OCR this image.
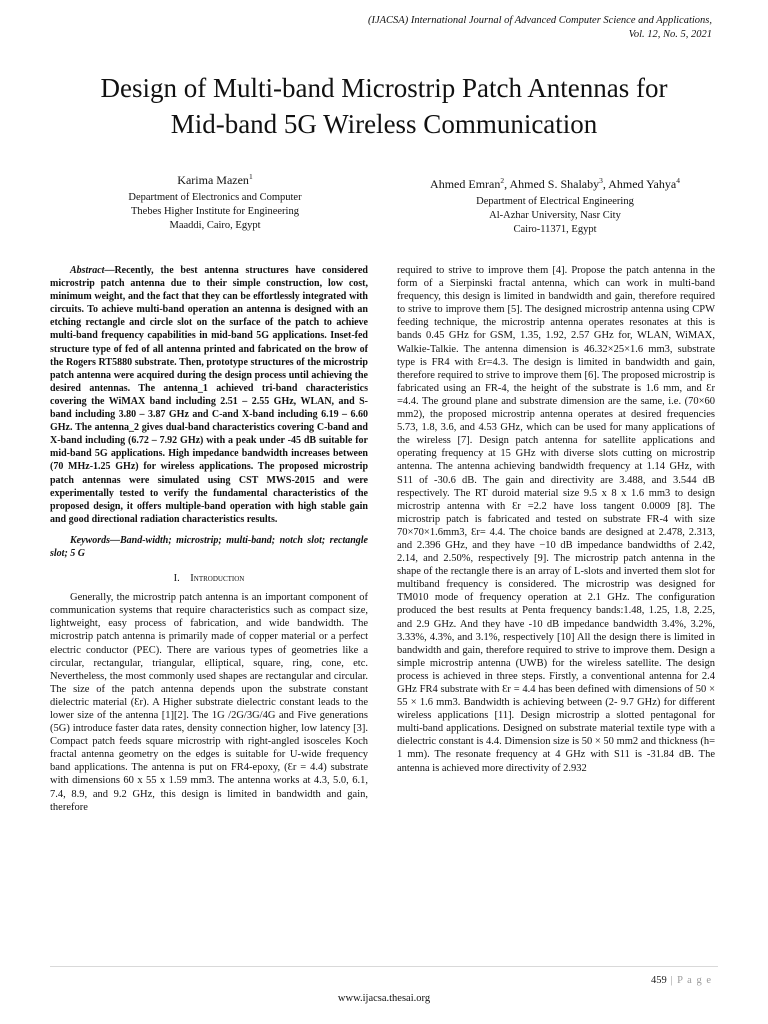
(IJACSA) International Journal of Advanced Computer Science and Applications,
Vol. 12, No. 5, 2021
Design of Multi-band Microstrip Patch Antennas for
Mid-band 5G Wireless Communication
Karima Mazen$^1$
Department of Electronics and Computer
Thebes Higher Institute for Engineering
Maaddi, Cairo, Egypt
Ahmed Emran$^2$, Ahmed S. Shalaby$^3$, Ahmed Yahya$^4$
Department of Electrical Engineering
Al-Azhar University, Nasr City
Cairo-11371, Egypt

Abstract—Recently, the best antenna structures have considered microstrip patch antenna due to their simple construction, low cost, minimum weight, and the fact that they can be effortlessly integrated with circuits. To achieve multi-band operation an antenna is designed with an etching rectangle and circle slot on the surface of the patch to achieve multi-band frequency capabilities in mid-band 5G applications. Inset-fed structure type of fed of all antenna printed and fabricated on the brow of the Rogers RT5880 substrate. Then, prototype structures of the microstrip patch antenna were acquired during the design process until achieving the desired antennas. The antenna_1 achieved tri-band characteristics covering the WiMAX band including 2.51 – 2.55 GHz, WLAN, and S-band including 3.80 – 3.87 GHz and C-and X-band including 6.19 – 6.60 GHz. The antenna_2 gives dual-band characteristics covering C-band and X-band including (6.72 – 7.92 GHz) with a peak under -45 dB suitable for mid-band 5G applications. High impedance bandwidth increases between (70 MHz-1.25 GHz) for wireless applications. The proposed microstrip patch antennas were simulated using CST MWS-2015 and were experimentally tested to verify the fundamental characteristics of the proposed design, it offers multiple-band operation with high stable gain and good directional radiation characteristics results.

Keywords—Band-width; microstrip; multi-band; notch slot; rectangle slot; 5 G

I. Introduction

Generally, the microstrip patch antenna is an important component of communication systems that require characteristics such as compact size, lightweight, easy process of fabrication, and wide bandwidth. The microstrip patch antenna is primarily made of copper material or a perfect electric conductor (PEC). There are various types of geometries like a circular, rectangular, triangular, elliptical, square, ring, cone, etc. Nevertheless, the most commonly used shapes are rectangular and circular. The size of the patch antenna depends upon the substrate constant dielectric material (Ɛr). A Higher substrate dielectric constant leads to the lower size of the antenna [1][2]. The 1G /2G/3G/4G and Five generations (5G) introduce faster data rates, density connection higher, low latency [3]. Compact patch feeds square microstrip with right-angled isosceles Koch fractal antenna geometry on the edges is suitable for U-wide frequency band applications. The antenna is put on FR4-epoxy, (Ɛr = 4.4) substrate with dimensions 60 x 55 x 1.59 mm3. The antenna works at 4.3, 5.0, 6.1, 7.4, 8.9, and 9.2 GHz, this design is limited in bandwidth and gain, therefore

required to strive to improve them [4]. Propose the patch antenna in the form of a Sierpinski fractal antenna, which can work in multi-band frequency, this design is limited in bandwidth and gain, therefore required to strive to improve them [5]. The designed microstrip antenna using CPW feeding technique, the microstrip antenna operates resonates at this is bands 0.45 GHz for GSM, 1.35, 1.92, 2.57 GHz for, WLAN, WiMAX, Walkie-Talkie. The antenna dimension is 46.32×25×1.6 mm3, substrate type is FR4 with Ɛr=4.3. The design is limited in bandwidth and gain, therefore required to strive to improve them [6]. The proposed microstrip is fabricated using an FR-4, the height of the substrate is 1.6 mm, and Ɛr =4.4. The ground plane and substrate dimension are the same, i.e. (70×60 mm2), the proposed microstrip antenna operates at desired frequencies 5.73, 1.8, 3.6, and 4.53 GHz, which can be used for many applications of the wireless [7]. Design patch antenna for satellite applications and operating frequency at 15 GHz with diverse slots cutting on microstrip antenna. The antenna achieving bandwidth frequency at 1.14 GHz, with S11 of -30.6 dB. The gain and directivity are 3.488, and 3.544 dB respectively. The RT duroid material size 9.5 x 8 x 1.6 mm3 to design microstrip antenna with Ɛr =2.2 have loss tangent 0.0009 [8]. The microstrip patch is fabricated and tested on substrate FR-4 with size 70×70×1.6mm3, Ɛr= 4.4. The choice bands are designed at 2.478, 2.313, and 2.396 GHz, and they have −10 dB impedance bandwidths of 2.42, 2.14, and 2.50%, respectively [9]. The microstrip patch antenna in the shape of the rectangle there is an array of L-slots and inverted them slot for multiband frequency is considered. The microstrip was designed for TM010 mode of frequency operation at 2.1 GHz. The configuration produced the best results at Penta frequency bands:1.48, 1.25, 1.8, 2.25, and 2.9 GHz. And they have -10 dB impedance bandwidth 3.4%, 3.2%, 3.33%, 4.3%, and 3.1%, respectively [10] All the design there is limited in bandwidth and gain, therefore required to strive to improve them. Design a simple microstrip antenna (UWB) for the wireless satellite. The design process is achieved in three steps. Firstly, a conventional antenna for 2.4 GHz FR4 substrate with Ɛr = 4.4 has been defined with dimensions of 50 × 55 × 1.6 mm3. Bandwidth is achieving between (2- 9.7 GHz) for different wireless applications [11]. Design microstrip a slotted pentagonal for multi-band applications. Designed on substrate material textile type with a dielectric constant is 4.4. Dimension size is 50 × 50 mm2 and thickness (h= 1 mm). The resonate frequency at 4 GHz with S11 is -31.84 dB. The antenna is achieved more directivity of 2.932

459 | P a g e
www.ijacsa.thesai.org
